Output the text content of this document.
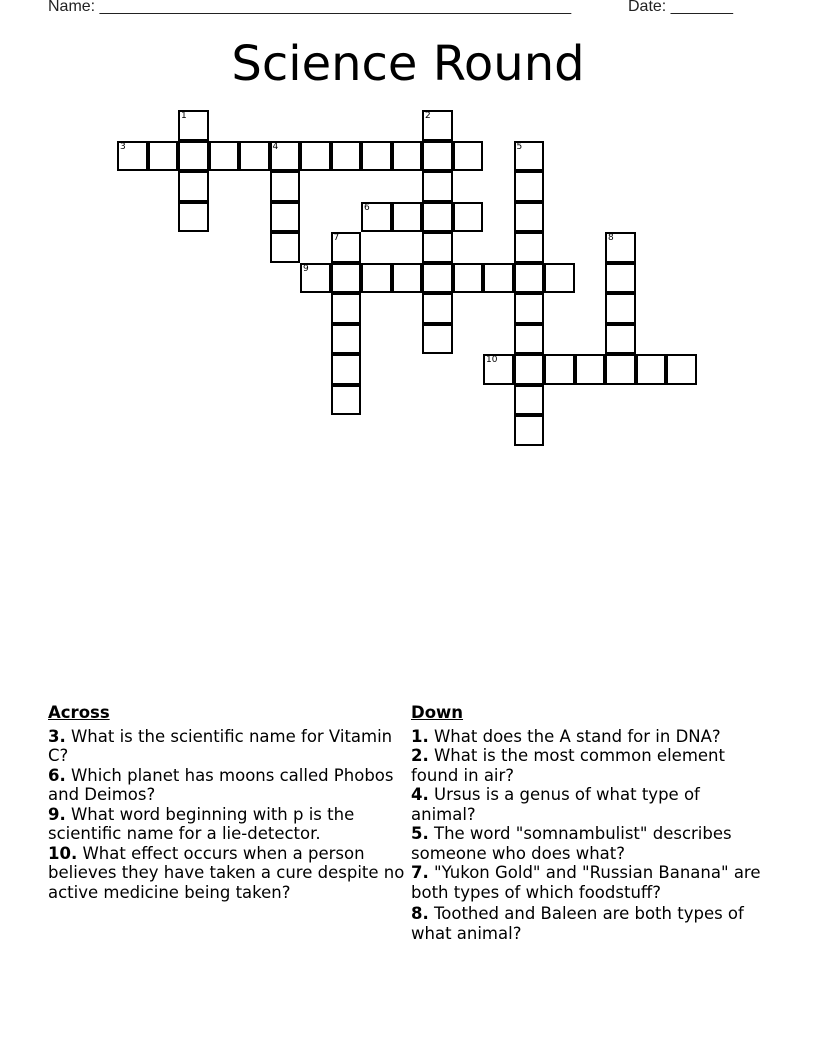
Name: _____________________________________________________	Date: _______
Science Round
1	2
3	4	5
6
7	8
9
10
Across
3. What is the scientific name for Vitamin C?
6. Which planet has moons called Phobos and Deimos?
9. What word beginning with p is the scientific name for a lie-detector.
10. What effect occurs when a person believes they have taken a cure despite no active medicine being taken?
Down
1. What does the A stand for in DNA?
2. What is the most common element found in air?
4. Ursus is a genus of what type of animal?
5. The word "somnambulist" describes someone who does what?
7. "Yukon Gold" and "Russian Banana" are both types of which foodstuff?
8. Toothed and Baleen are both types of what animal?
